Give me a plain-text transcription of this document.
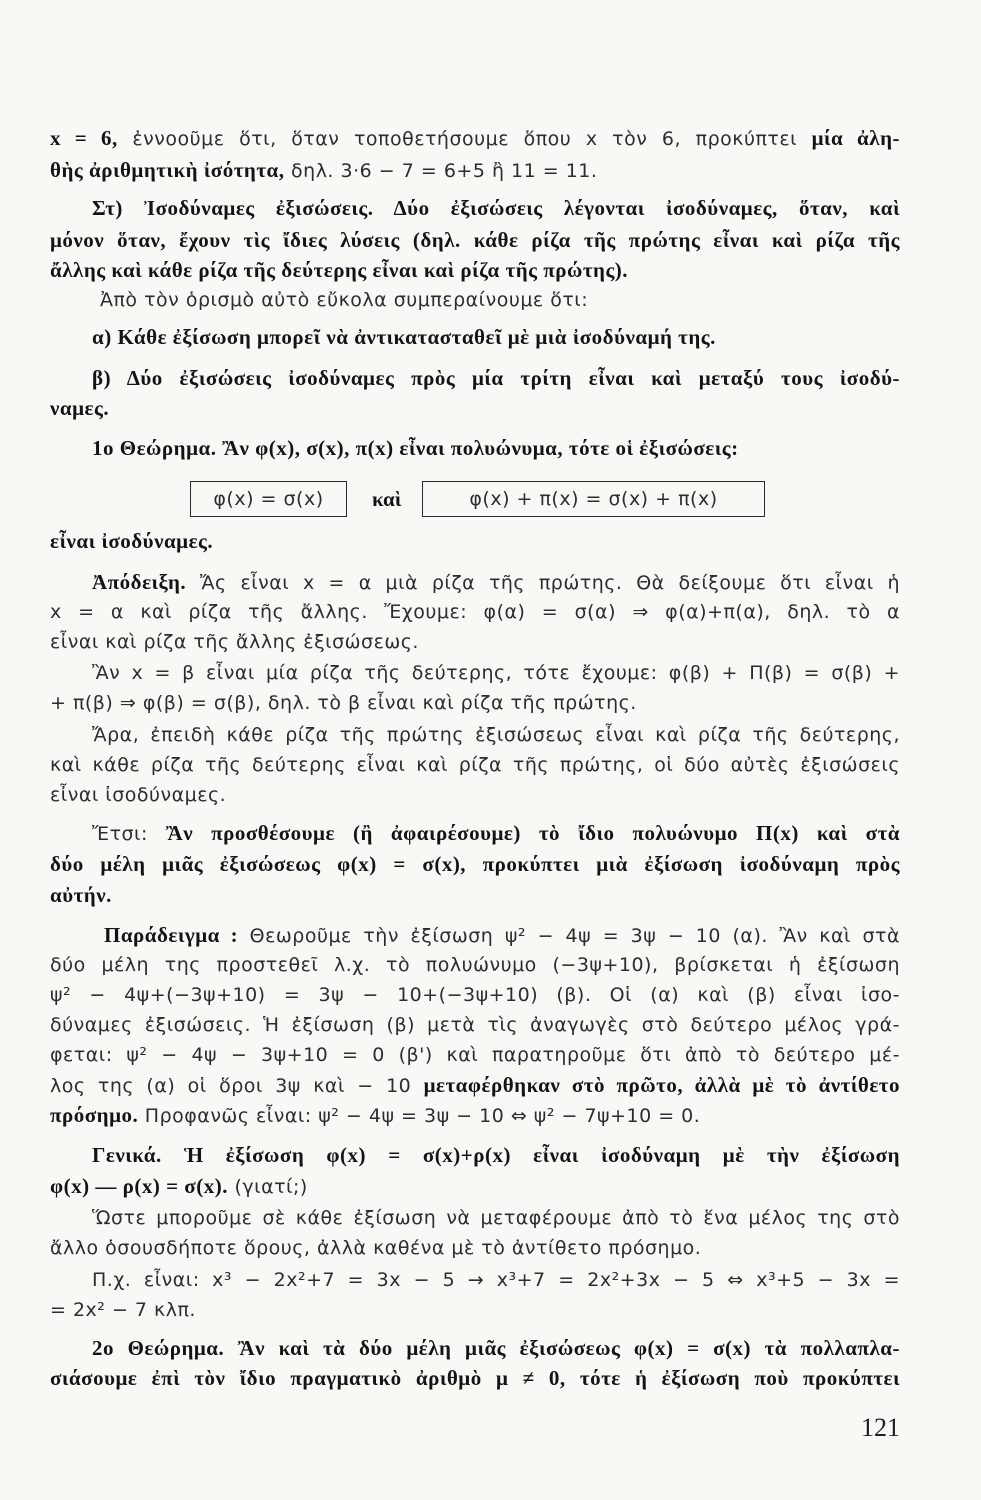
x = 6, ἐννοοῦμε ὅτι, ὅταν τοποθετήσουμε ὅπου x τὸν 6, προκύπτει μία ἀλη-
θὴς ἀριθμητικὴ ἰσότητα, δηλ. 3·6 − 7 = 6+5 ἢ 11 = 11.
Στ) Ἰσοδύναμες ἐξισώσεις. Δύο ἐξισώσεις λέγονται ἰσοδύναμες, ὅταν, καὶ
μόνον ὅταν, ἔχουν τὶς ἴδιες λύσεις (δηλ. κάθε ρίζα τῆς πρώτης εἶναι καὶ ρίζα τῆς
ἄλλης καὶ κάθε ρίζα τῆς δεύτερης εἶναι καὶ ρίζα τῆς πρώτης).
Ἀπὸ τὸν ὁρισμὸ αὐτὸ εὔκολα συμπεραίνουμε ὅτι:
α) Κάθε ἐξίσωση μπορεῖ νὰ ἀντικατασταθεῖ μὲ μιὰ ἰσοδύναμή της.
β) Δύο ἐξισώσεις ἰσοδύναμες πρὸς μία τρίτη εἶναι καὶ μεταξύ τους ἰσοδύ-
ναμες.
1ο Θεώρημα. Ἂν φ(x), σ(x), π(x) εἶναι πολυώνυμα, τότε οἱ ἐξισώσεις:
φ(x) = σ(x)	καὶ	φ(x) + π(x) = σ(x) + π(x)
εἶναι ἰσοδύναμες.
Ἀπόδειξη. Ἄς εἶναι x = α μιὰ ρίζα τῆς πρώτης. Θὰ δείξουμε ὅτι εἶναι ἡ
x = α καὶ ρίζα τῆς ἄλλης. Ἔχουμε: φ(α) = σ(α) ⇒ φ(α)+π(α), δηλ. τὸ α
εἶναι καὶ ρίζα τῆς ἄλλης ἐξισώσεως.
Ἂν x = β εἶναι μία ρίζα τῆς δεύτερης, τότε ἔχουμε: φ(β) + Π(β) = σ(β) +
+ π(β) ⇒ φ(β) = σ(β), δηλ. τὸ β εἶναι καὶ ρίζα τῆς πρώτης.
Ἄρα, ἐπειδὴ κάθε ρίζα τῆς πρώτης ἐξισώσεως εἶναι καὶ ρίζα τῆς δεύτερης,
καὶ κάθε ρίζα τῆς δεύτερης εἶναι καὶ ρίζα τῆς πρώτης, οἱ δύο αὐτὲς ἐξισώσεις
εἶναι ἰσοδύναμες.
Ἔτσι: Ἂν προσθέσουμε (ἢ ἀφαιρέσουμε) τὸ ἴδιο πολυώνυμο Π(x) καὶ στὰ
δύο μέλη μιᾶς ἐξισώσεως φ(x) = σ(x), προκύπτει μιὰ ἐξίσωση ἰσοδύναμη πρὸς
αὐτήν.
Παράδειγμα : Θεωροῦμε τὴν ἐξίσωση ψ² − 4ψ = 3ψ − 10 (α). Ἂν καὶ στὰ
δύο μέλη της προστεθεῖ λ.χ. τὸ πολυώνυμο (−3ψ+10), βρίσκεται ἡ ἐξίσωση
ψ² − 4ψ+(−3ψ+10) = 3ψ − 10+(−3ψ+10) (β). Οἱ (α) καὶ (β) εἶναι ἰσο-
δύναμες ἐξισώσεις. Ἡ ἐξίσωση (β) μετὰ τὶς ἀναγωγὲς στὸ δεύτερο μέλος γρά-
φεται: ψ² − 4ψ − 3ψ+10 = 0 (β') καὶ παρατηροῦμε ὅτι ἀπὸ τὸ δεύτερο μέ-
λος της (α) οἱ ὅροι 3ψ καὶ − 10 μεταφέρθηκαν στὸ πρῶτο, ἀλλὰ μὲ τὸ ἀντίθετο
πρόσημο. Προφανῶς εἶναι: ψ² − 4ψ = 3ψ − 10 ⇔ ψ² − 7ψ+10 = 0.
Γενικά. Ἡ ἐξίσωση φ(x) = σ(x)+ρ(x) εἶναι ἰσοδύναμη μὲ τὴν ἐξίσωση
φ(x) — ρ(x) = σ(x). (γιατί;)
Ὥστε μποροῦμε σὲ κάθε ἐξίσωση νὰ μεταφέρουμε ἀπὸ τὸ ἕνα μέλος της στὸ
ἄλλο ὁσουσδήποτε ὅρους, ἀλλὰ καθένα μὲ τὸ ἀντίθετο πρόσημο.
Π.χ. εἶναι: x³ − 2x²+7 = 3x − 5 → x³+7 = 2x²+3x − 5 ⇔ x³+5 − 3x =
= 2x² − 7 κλπ.
2ο Θεώρημα. Ἂν καὶ τὰ δύο μέλη μιᾶς ἐξισώσεως φ(x) = σ(x) τὰ πολλαπλα-
σιάσουμε ἐπὶ τὸν ἴδιο πραγματικὸ ἀριθμὸ μ ≠ 0, τότε ἡ ἐξίσωση ποὺ προκύπτει
121
